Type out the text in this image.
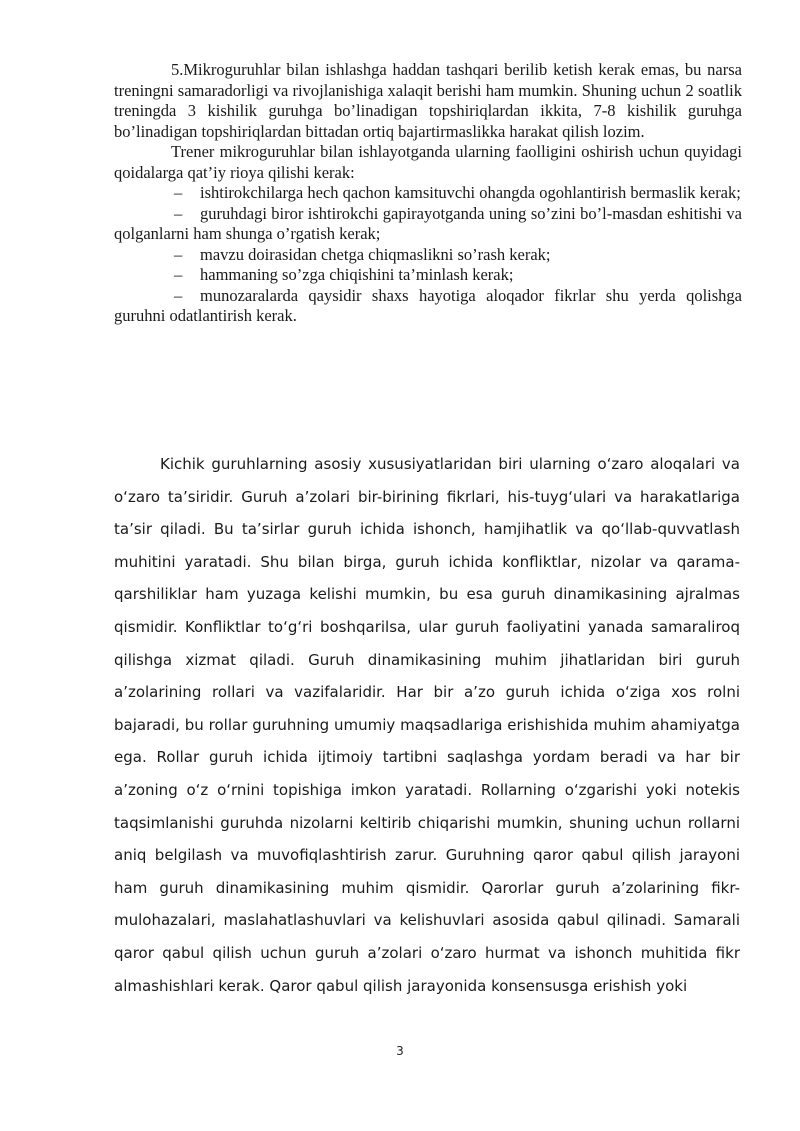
5.Mikroguruhlar bilan ishlashga haddan tashqari berilib ketish kerak emas, bu narsa treningni samaradorligi va rivojlanishiga xalaqit berishi ham mumkin. Shuning uchun 2 soatlik treningda 3 kishilik guruhga bo’linadigan topshiriqlardan ikkita, 7-8 kishilik guruhga bo’linadigan topshiriqlardan bittadan ortiq bajartirmaslikka harakat qilish lozim.

Trener mikroguruhlar bilan ishlayotganda ularning faolligini oshirish uchun quyidagi qoidalarga qat’iy rioya qilishi kerak:

– ishtirokchilarga hech qachon kamsituvchi ohangda ogohlantirish bermaslik kerak;

– guruhdagi biror ishtirokchi gapirayotganda uning so’zini bo’l-masdan eshitishi va qolganlarni ham shunga o’rgatish kerak;

– mavzu doirasidan chetga chiqmaslikni so’rash kerak;

– hammaning so’zga chiqishini ta’minlash kerak;

– munozaralarda qaysidir shaxs hayotiga aloqador fikrlar shu yerda qolishga guruhni odatlantirish kerak.

Kichik guruhlarning asosiy xususiyatlaridan biri ularning o‘zaro aloqalari va o‘zaro ta’siridir. Guruh a’zolari bir-birining fikrlari, his-tuyg‘ulari va harakatlariga ta’sir qiladi. Bu ta’sirlar guruh ichida ishonch, hamjihatlik va qo‘llab-quvvatlash muhitini yaratadi. Shu bilan birga, guruh ichida konfliktlar, nizolar va qarama-qarshiliklar ham yuzaga kelishi mumkin, bu esa guruh dinamikasining ajralmas qismidir. Konfliktlar to‘g‘ri boshqarilsa, ular guruh faoliyatini yanada samaraliroq qilishga xizmat qiladi. Guruh dinamikasining muhim jihatlaridan biri guruh a’zolarining rollari va vazifalaridir. Har bir a’zo guruh ichida o‘ziga xos rolni bajaradi, bu rollar guruhning umumiy maqsadlariga erishishida muhim ahamiyatga ega. Rollar guruh ichida ijtimoiy tartibni saqlashga yordam beradi va har bir a’zoning o‘z o‘rnini topishiga imkon yaratadi. Rollarning o‘zgarishi yoki notekis taqsimlanishi guruhda nizolarni keltirib chiqarishi mumkin, shuning uchun rollarni aniq belgilash va muvofiqlashtirish zarur. Guruhning qaror qabul qilish jarayoni ham guruh dinamikasining muhim qismidir. Qarorlar guruh a’zolarining fikr-mulohazalari, maslahatlashuvlari va kelishuvlari asosida qabul qilinadi. Samarali qaror qabul qilish uchun guruh a’zolari o‘zaro hurmat va ishonch muhitida fikr almashishlari kerak. Qaror qabul qilish jarayonida konsensusga erishish yoki

3
